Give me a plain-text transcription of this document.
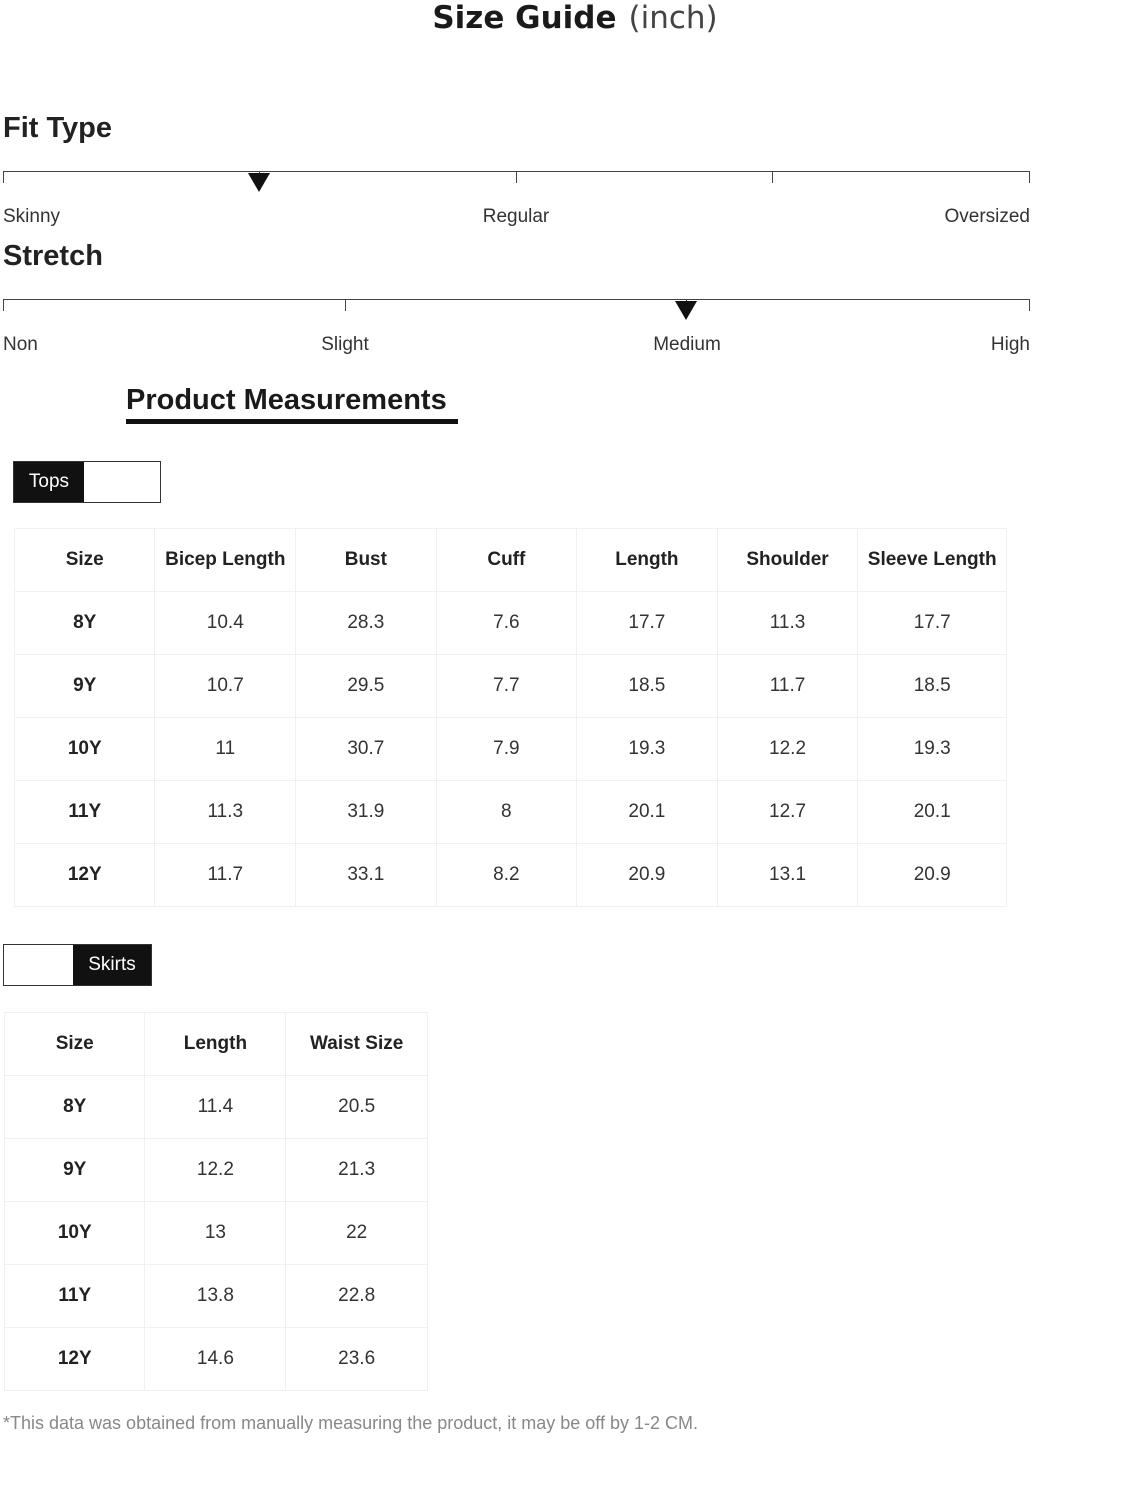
Size Guide (inch)
Fit Type
Skinny	Regular	Oversized
Stretch
Non	Slight	Medium	High
Product Measurements
Tops
Size	Bicep Length	Bust	Cuff	Length	Shoulder	Sleeve Length
8Y	10.4	28.3	7.6	17.7	11.3	17.7
9Y	10.7	29.5	7.7	18.5	11.7	18.5
10Y	11	30.7	7.9	19.3	12.2	19.3
11Y	11.3	31.9	8	20.1	12.7	20.1
12Y	11.7	33.1	8.2	20.9	13.1	20.9
Skirts
Size	Length	Waist Size
8Y	11.4	20.5
9Y	12.2	21.3
10Y	13	22
11Y	13.8	22.8
12Y	14.6	23.6
*This data was obtained from manually measuring the product, it may be off by 1-2 CM.
